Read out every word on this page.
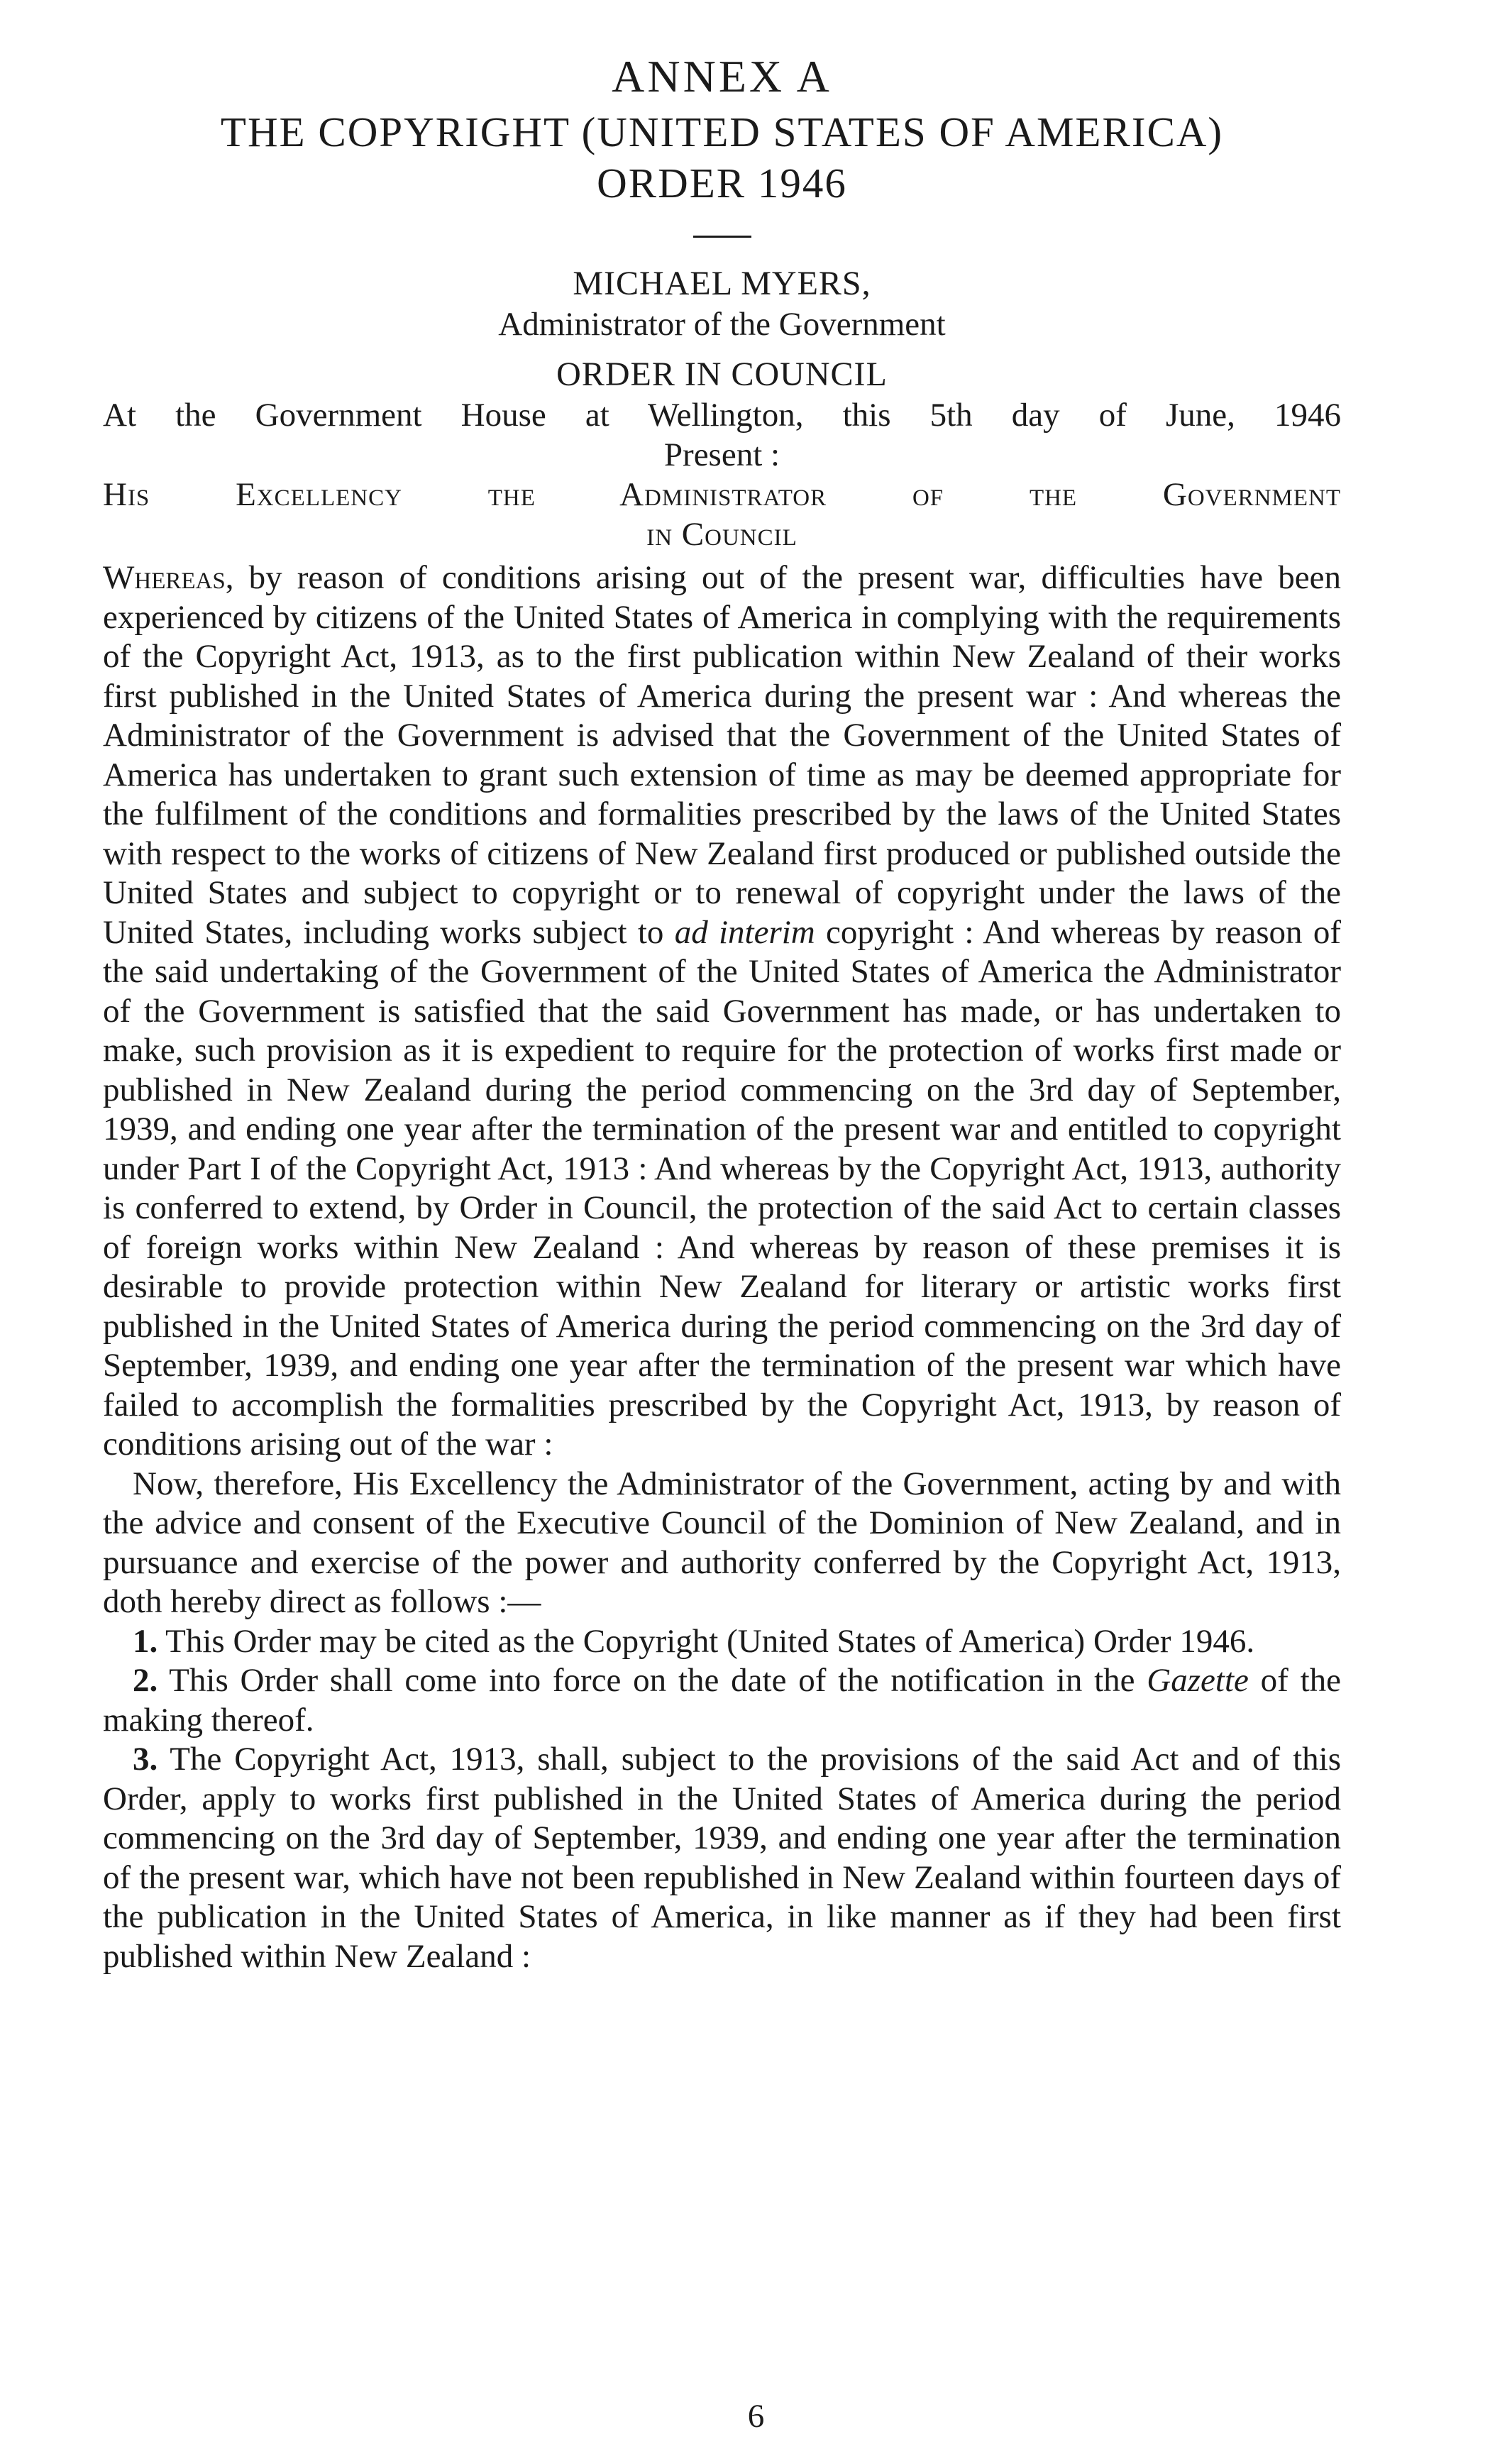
ANNEX A
THE COPYRIGHT (UNITED STATES OF AMERICA)
ORDER 1946
MICHAEL MYERS,
Administrator of the Government
ORDER IN COUNCIL
At the Government House at Wellington, this 5th day of June, 1946
Present :
His Excellency the Administrator of the Government
in Council

Whereas, by reason of conditions arising out of the present war, difficulties have been experienced by citizens of the United States of America in complying with the requirements of the Copyright Act, 1913, as to the first publication within New Zealand of their works first published in the United States of America during the present war : And whereas the Administrator of the Government is advised that the Government of the United States of America has undertaken to grant such extension of time as may be deemed appropriate for the fulfilment of the conditions and formalities prescribed by the laws of the United States with respect to the works of citizens of New Zealand first produced or published outside the United States and subject to copyright or to renewal of copyright under the laws of the United States, including works subject to ad interim copyright : And whereas by reason of the said undertaking of the Government of the United States of America the Administrator of the Government is satisfied that the said Government has made, or has undertaken to make, such provision as it is expedient to require for the protection of works first made or published in New Zealand during the period commencing on the 3rd day of September, 1939, and ending one year after the termination of the present war and entitled to copyright under Part I of the Copyright Act, 1913 : And whereas by the Copyright Act, 1913, authority is conferred to extend, by Order in Council, the protection of the said Act to certain classes of foreign works within New Zealand : And whereas by reason of these premises it is desirable to provide protection within New Zealand for literary or artistic works first published in the United States of America during the period commencing on the 3rd day of September, 1939, and ending one year after the termination of the present war which have failed to accomplish the formalities prescribed by the Copyright Act, 1913, by reason of conditions arising out of the war :

Now, therefore, His Excellency the Administrator of the Government, acting by and with the advice and consent of the Executive Council of the Dominion of New Zealand, and in pursuance and exercise of the power and authority conferred by the Copyright Act, 1913, doth hereby direct as follows :—

1. This Order may be cited as the Copyright (United States of America) Order 1946.

2. This Order shall come into force on the date of the notification in the Gazette of the making thereof.

3. The Copyright Act, 1913, shall, subject to the provisions of the said Act and of this Order, apply to works first published in the United States of America during the period commencing on the 3rd day of September, 1939, and ending one year after the termination of the present war, which have not been republished in New Zealand within fourteen days of the publication in the United States of America, in like manner as if they had been first published within New Zealand :

6
